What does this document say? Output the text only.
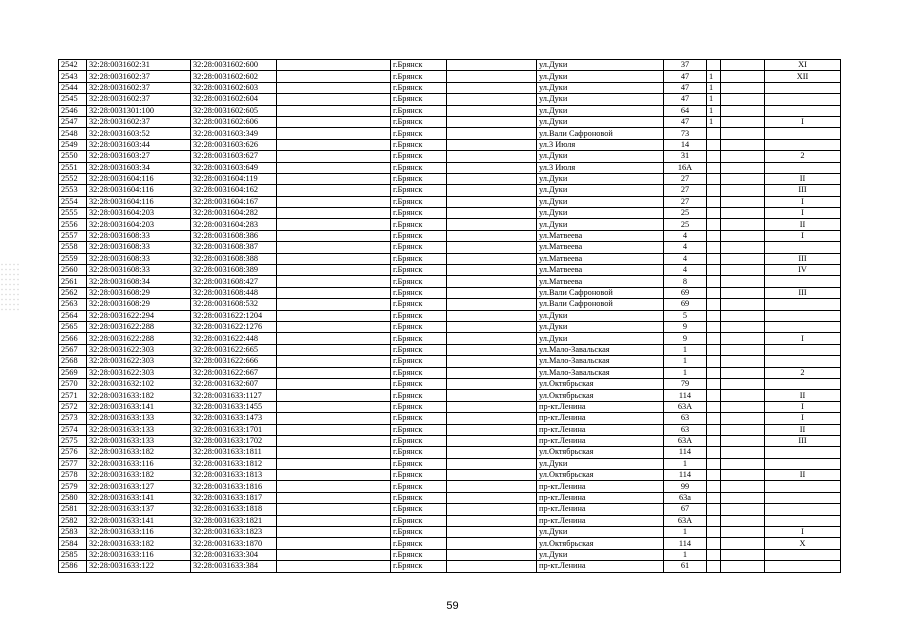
2542	32:28:0031602:31	32:28:0031602:600		г.Брянск		ул.Дуки	37			XI
2543	32:28:0031602:37	32:28:0031602:602		г.Брянск		ул.Дуки	47	1		XII
2544	32:28:0031602:37	32:28:0031602:603		г.Брянск		ул.Дуки	47	1		
2545	32:28:0031602:37	32:28:0031602:604		г.Брянск		ул.Дуки	47	1		
2546	32:28:0031301:100	32:28:0031602:605		г.Брянск		ул.Дуки	64	1		
2547	32:28:0031602:37	32:28:0031602:606		г.Брянск		ул.Дуки	47	1		I
2548	32:28:0031603:52	32:28:0031603:349		г.Брянск		ул.Вали Сафроновой	73			
2549	32:28:0031603:44	32:28:0031603:626		г.Брянск		ул.3 Июля	14			
2550	32:28:0031603:27	32:28:0031603:627		г.Брянск		ул.Дуки	31			2
2551	32:28:0031603:34	32:28:0031603:649		г.Брянск		ул.3 Июля	16А			
2552	32:28:0031604:116	32:28:0031604:119		г.Брянск		ул.Дуки	27			II
2553	32:28:0031604:116	32:28:0031604:162		г.Брянск		ул.Дуки	27			III
2554	32:28:0031604:116	32:28:0031604:167		г.Брянск		ул.Дуки	27			I
2555	32:28:0031604:203	32:28:0031604:282		г.Брянск		ул.Дуки	25			I
2556	32:28:0031604:203	32:28:0031604:283		г.Брянск		ул.Дуки	25			II
2557	32:28:0031608:33	32:28:0031608:386		г.Брянск		ул.Матвеева	4			I
2558	32:28:0031608:33	32:28:0031608:387		г.Брянск		ул.Матвеева	4			
2559	32:28:0031608:33	32:28:0031608:388		г.Брянск		ул.Матвеева	4			III
2560	32:28:0031608:33	32:28:0031608:389		г.Брянск		ул.Матвеева	4			IV
2561	32:28:0031608:34	32:28:0031608:427		г.Брянск		ул.Матвеева	8			
2562	32:28:0031608:29	32:28:0031608:448		г.Брянск		ул.Вали Сафроновой	69			III
2563	32:28:0031608:29	32:28:0031608:532		г.Брянск		ул.Вали Сафроновой	69			
2564	32:28:0031622:294	32:28:0031622:1204		г.Брянск		ул.Дуки	5			
2565	32:28:0031622:288	32:28:0031622:1276		г.Брянск		ул.Дуки	9			
2566	32:28:0031622:288	32:28:0031622:448		г.Брянск		ул.Дуки	9			I
2567	32:28:0031622:303	32:28:0031622:665		г.Брянск		ул.Мало-Завальская	1			
2568	32:28:0031622:303	32:28:0031622:666		г.Брянск		ул.Мало-Завальская	1			
2569	32:28:0031622:303	32:28:0031622:667		г.Брянск		ул.Мало-Завальская	1			2
2570	32:28:0031632:102	32:28:0031632:607		г.Брянск		ул.Октябрьская	79			
2571	32:28:0031633:182	32:28:0031633:1127		г.Брянск		ул.Октябрьская	114			II
2572	32:28:0031633:141	32:28:0031633:1455		г.Брянск		пр-кт.Ленина	63А			I
2573	32:28:0031633:133	32:28:0031633:1473		г.Брянск		пр-кт.Ленина	63			I
2574	32:28:0031633:133	32:28:0031633:1701		г.Брянск		пр-кт.Ленина	63			II
2575	32:28:0031633:133	32:28:0031633:1702		г.Брянск		пр-кт.Ленина	63А			III
2576	32:28:0031633:182	32:28:0031633:1811		г.Брянск		ул.Октябрьская	114			
2577	32:28:0031633:116	32:28:0031633:1812		г.Брянск		ул.Дуки	1			
2578	32:28:0031633:182	32:28:0031633:1813		г.Брянск		ул.Октябрьская	114			II
2579	32:28:0031633:127	32:28:0031633:1816		г.Брянск		пр-кт.Ленина	99			
2580	32:28:0031633:141	32:28:0031633:1817		г.Брянск		пр-кт.Ленина	63а			
2581	32:28:0031633:137	32:28:0031633:1818		г.Брянск		пр-кт.Ленина	67			
2582	32:28:0031633:141	32:28:0031633:1821		г.Брянск		пр-кт.Ленина	63А			
2583	32:28:0031633:116	32:28:0031633:1823		г.Брянск		ул.Дуки	1			I
2584	32:28:0031633:182	32:28:0031633:1870		г.Брянск		ул.Октябрьская	114			X
2585	32:28:0031633:116	32:28:0031633:304		г.Брянск		ул.Дуки	1			
2586	32:28:0031633:122	32:28:0031633:384		г.Брянск		пр-кт.Ленина	61			
59
